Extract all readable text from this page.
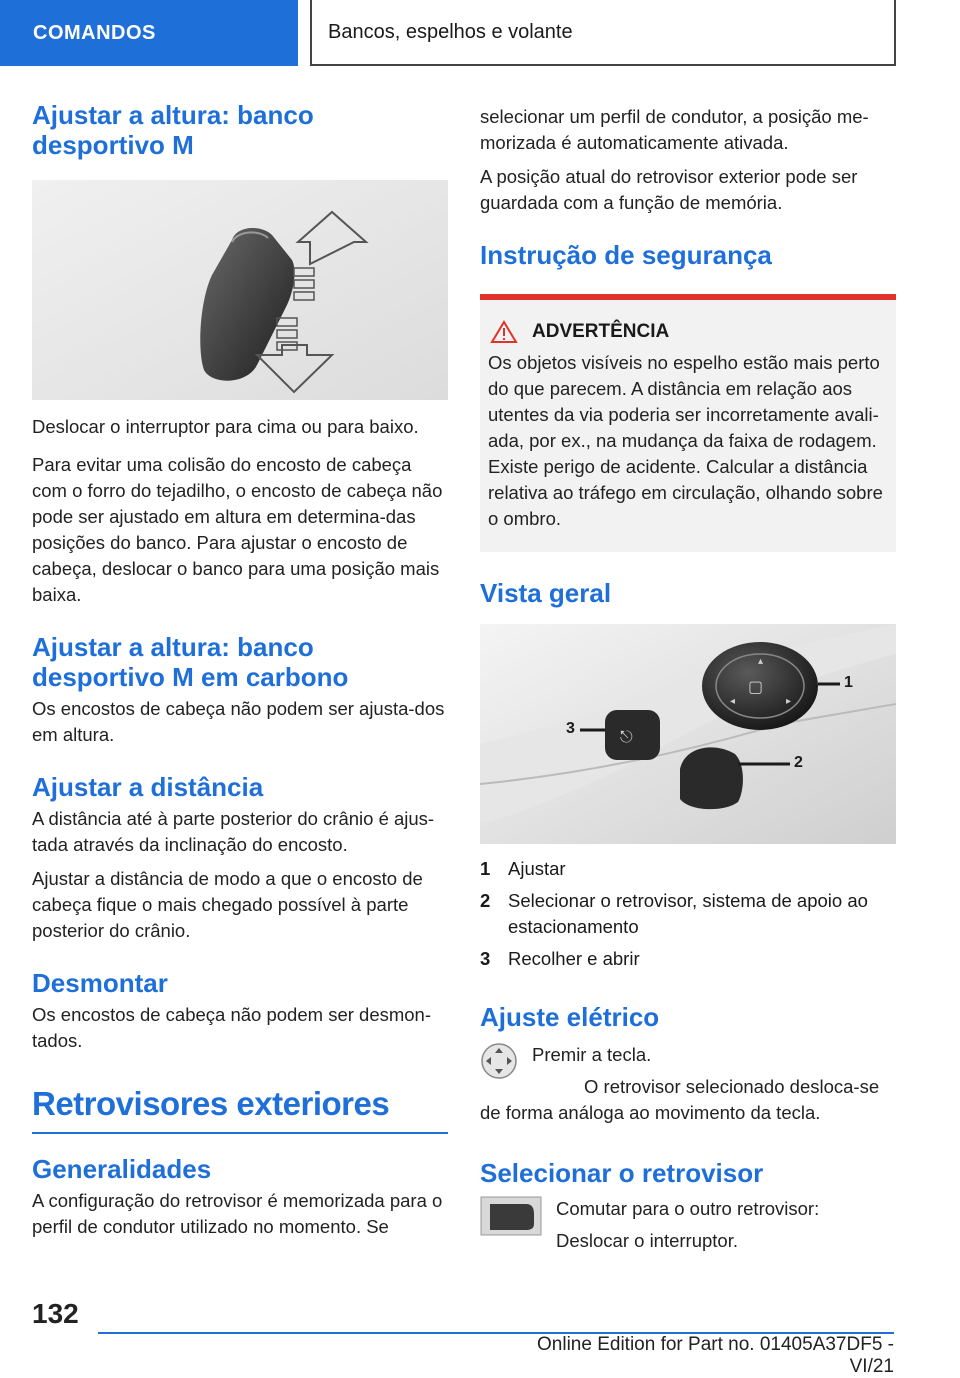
COMANDOS	Bancos, espelhos e volante
Ajustar a altura: banco desportivo M

Deslocar o interruptor para cima ou para baixo.

Para evitar uma colisão do encosto de cabeça com o forro do tejadilho, o encosto de cabeça não pode ser ajustado em altura em determina-das posições do banco. Para ajustar o encosto de cabeça, deslocar o banco para uma posição mais baixa.

Ajustar a altura: banco desportivo M em carbono

Os encostos de cabeça não podem ser ajusta-dos em altura.

Ajustar a distância

A distância até à parte posterior do crânio é ajus-tada através da inclinação do encosto.

Ajustar a distância de modo a que o encosto de cabeça fique o mais chegado possível à parte posterior do crânio.

Desmontar

Os encostos de cabeça não podem ser desmon-tados.

Retrovisores exteriores
Generalidades

A configuração do retrovisor é memorizada para o perfil de condutor utilizado no momento. Se

selecionar um perfil de condutor, a posição me-morizada é automaticamente ativada.

A posição atual do retrovisor exterior pode ser guardada com a função de memória.

Instrução de segurança
ADVERTÊNCIA

Os objetos visíveis no espelho estão mais perto do que parecem. A distância em relação aos utentes da via poderia ser incorretamente avali-ada, por ex., na mudança da faixa de rodagem. Existe perigo de acidente. Calcular a distância relativa ao tráfego em circulação, olhando sobre o ombro.

Vista geral
▢
◂	▸
▴
⎋
3
1
2
1 Ajustar
2 Selecionar o retrovisor, sistema de apoio ao estacionamento
3 Recolher e abrir
Ajuste elétrico

Premir a tecla.

O retrovisor selecionado desloca-se de forma análoga ao movimento da tecla.

Selecionar o retrovisor

Comutar para o outro retrovisor:

Deslocar o interruptor.

132
Online Edition for Part no. 01405A37DF5 - VI/21
